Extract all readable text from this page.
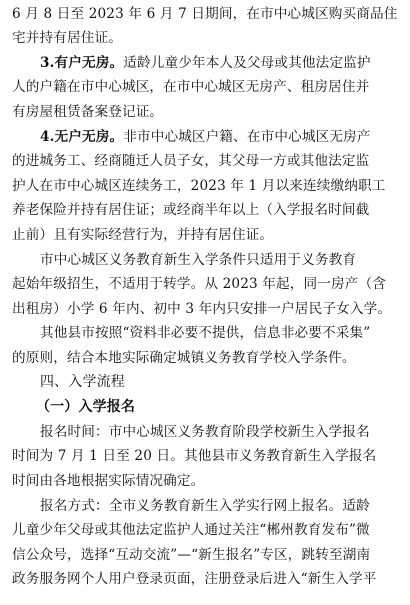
6 月 8 日至 2023 年 6 月 7 日期间，在市中心城区购买商品住
宅并持有居住证。
3.有户无房。适龄儿童少年本人及父母或其他法定监护
人的户籍在市中心城区，在市中心城区无房产、租房居住并
有房屋租赁备案登记证。
4.无户无房。非市中心城区户籍、在市中心城区无房产
的进城务工、经商随迁人员子女，其父母一方或其他法定监
护人在市中心城区连续务工，2023 年 1 月以来连续缴纳职工
养老保险并持有居住证；或经商半年以上（入学报名时间截
止前）且有实际经营行为，并持有居住证。
市中心城区义务教育新生入学条件只适用于义务教育
起始年级招生，不适用于转学。从 2023 年起，同一房产（含
出租房）小学 6 年内、初中 3 年内只安排一户居民子女入学。
其他县市按照“资料非必要不提供，信息非必要不采集”
的原则，结合本地实际确定城镇义务教育学校入学条件。
四、入学流程
（一）入学报名
报名时间：市中心城区义务教育阶段学校新生入学报名
时间为 7 月 1 日至 20 日。其他县市义务教育新生入学报名
时间由各地根据实际情况确定。
报名方式：全市义务教育新生入学实行网上报名。适龄
儿童少年父母或其他法定监护人通过关注“郴州教育发布”微
信公众号，选择“互动交流”—“新生报名”专区，跳转至湖南
政务服务网个人用户登录页面，注册登录后进入“新生入学平
